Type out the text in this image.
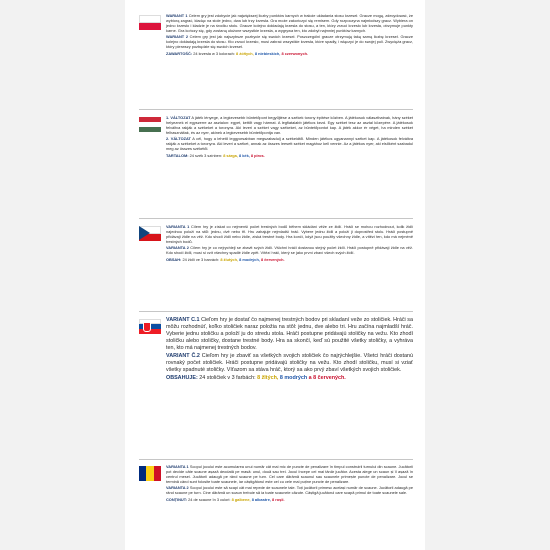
WARIANT 1 Celem gry jest zdobycie jak największej liczby punktów karnych w trakcie układania stosu krzeseł. Gracze mogą, zdecydować, że wybiorą zagrać, kładąc na stole jedno, dwa lub trzy krzesła. Gra może zakończyć się remisem. Gdy rozpoczyna najmłodszy gracz. Wybiera on jedno krzesło i kładzie je na środku stołu. Gracze kolejno dokładają krzesła do stosu, a ten, który zrzuci krzesło lub krzesła, otrzymuje punkty karne. Gra kończy się, gdy zostaną ułożone wszystkie krzesła, a wygrywa ten, kto zdobył najmniej punktów karnych.

WARIANT 2 Celem gry jest jak najszybsze pozbycie się swoich krzeseł. Poszczególni gracze otrzymują taką samą liczbę krzeseł. Gracze kolejno dokładają krzesła do stosu. Kto zrzuci krzesło, musi zabrać wszystkie krzesła, które spadły, i włączyć je do swojej puli. Zwycięża gracz, który pierwszy pozbędzie się swoich krzeseł.

ZAWARTOŚĆ: 24 krzesła w 3 kolorach: 8 żółtych, 8 niebieskich, 8 czerwonych.

1. VÁLTOZAT A játék lényege, a legkevesebb büntetőpont begyűjtése a székek torony építése közben. A játékosok választhatnak, hány széket helyeznek el egyszerre az asztalon: egyet, kettőt vagy hármat. A legfiatalabb játékos kezd. Egy széket tesz az asztal közepére. A játékosok felváltva rakják a székeket a toronyra. Aki leveri a széket vagy székeket, az büntetőpontot kap. A játék akkor ér véget, ha minden széket felhasználtak, és az nyer, akinek a legkevesebb büntetőpontja van.

2. VÁLTOZAT A cél, hogy a lehető leggyorsabban megszabadulj a székeidtől. Minden játékos ugyanannyi széket kap. A játékosok felváltva rakják a székeket a toronyra. Aki leveri a széket, annak az összes leesett széket magához kell vennie. Az a játékos nyer, aki elsőként szabadul meg az összes székétől.

TARTALOM: 24 szék 3 színben: 8 sárga, 8 kék, 8 piros.

VARIANTA 1 Cílem hry je získat co nejmenší počet trestných bodů během skládání věže ze židlí. Hráči se mohou rozhodnout, kolik židlí najednou položí na stůl: jednu, dvě nebo tři. Hru zahajuje nejmladší hráč. Vybere jednu židli a položí ji doprostřed stolu. Hráči postupně přidávají židle na věž. Kdo shodí židli nebo židle, získá trestné body. Hra končí, když jsou použity všechny židle, a vítězí ten, kdo má nejméně trestných bodů.

VARIANTA 2 Cílem hry je co nejrychleji se zbavit svých židlí. Všichni hráči dostanou stejný počet židlí. Hráči postupně přidávají židle na věž. Kdo shodí židli, musí si vzít všechny spadlé židle zpět. Vítězí hráč, který se jako první zbaví všech svých židlí.

OBSAH: 24 židlí ve 3 barvách: 8 žlutých, 8 modrých, 8 červených.

VARIANT Č.1 Cieľom hry je dostať čo najmenej trestných bodov pri skladaní veže zo stoličiek. Hráči sa môžu rozhodnúť, koľko stoličiek naraz položia na stôl: jednu, dve alebo tri. Hru začína najmladší hráč. Vyberie jednu stoličku a položí ju do stredu stola. Hráči postupne pridávajú stoličky na vežu. Kto zhodí stoličku alebo stoličky, dostane trestné body. Hra sa skončí, keď sú použité všetky stoličky, a vyhráva ten, kto má najmenej trestných bodov.

VARIANT Č.2 Cieľom hry je zbaviť sa všetkých svojich stoličiek čo najrýchlejšie. Všetci hráči dostanú rovnaký počet stoličiek. Hráči postupne pridávajú stoličky na vežu. Kto zhodí stoličku, musí si vziať všetky spadnuté stoličky. Víťazom sa stáva hráč, ktorý sa ako prvý zbaví všetkých svojich stoličiek.

OBSAHUJE: 24 stoličiek v 3 farbách: 8 žltých, 8 modrých a 8 červených.

VARIANTA 1 Scopul jocului este acumularea unui număr cât mai mic de puncte de penalizare în timpul construirii turnului din scaune. Jucătorii pot decide câte scaune așază deodată pe masă: unul, două sau trei. Jocul începe cel mai tânăr jucător. Acesta alege un scaun și îl așază în centrul mesei. Jucătorii adaugă pe rând scaune pe turn. Cel care dărâmă scaunul sau scaunele primește puncte de penalizare. Jocul se termină când sunt folosite toate scaunele, iar câștigătorul este cel cu cele mai puține puncte de penalizare.

VARIANTA 2 Scopul jocului este să scapi cât mai repede de scaunele tale. Toți jucătorii primesc același număr de scaune. Jucătorii adaugă pe rând scaune pe turn. Cine dărâmă un scaun trebuie să ia toate scaunele căzute. Câștigă jucătorul care scapă primul de toate scaunele sale.

CONȚINUT: 24 de scaune în 3 culori: 8 galbene, 8 albastre, 8 roșii.
